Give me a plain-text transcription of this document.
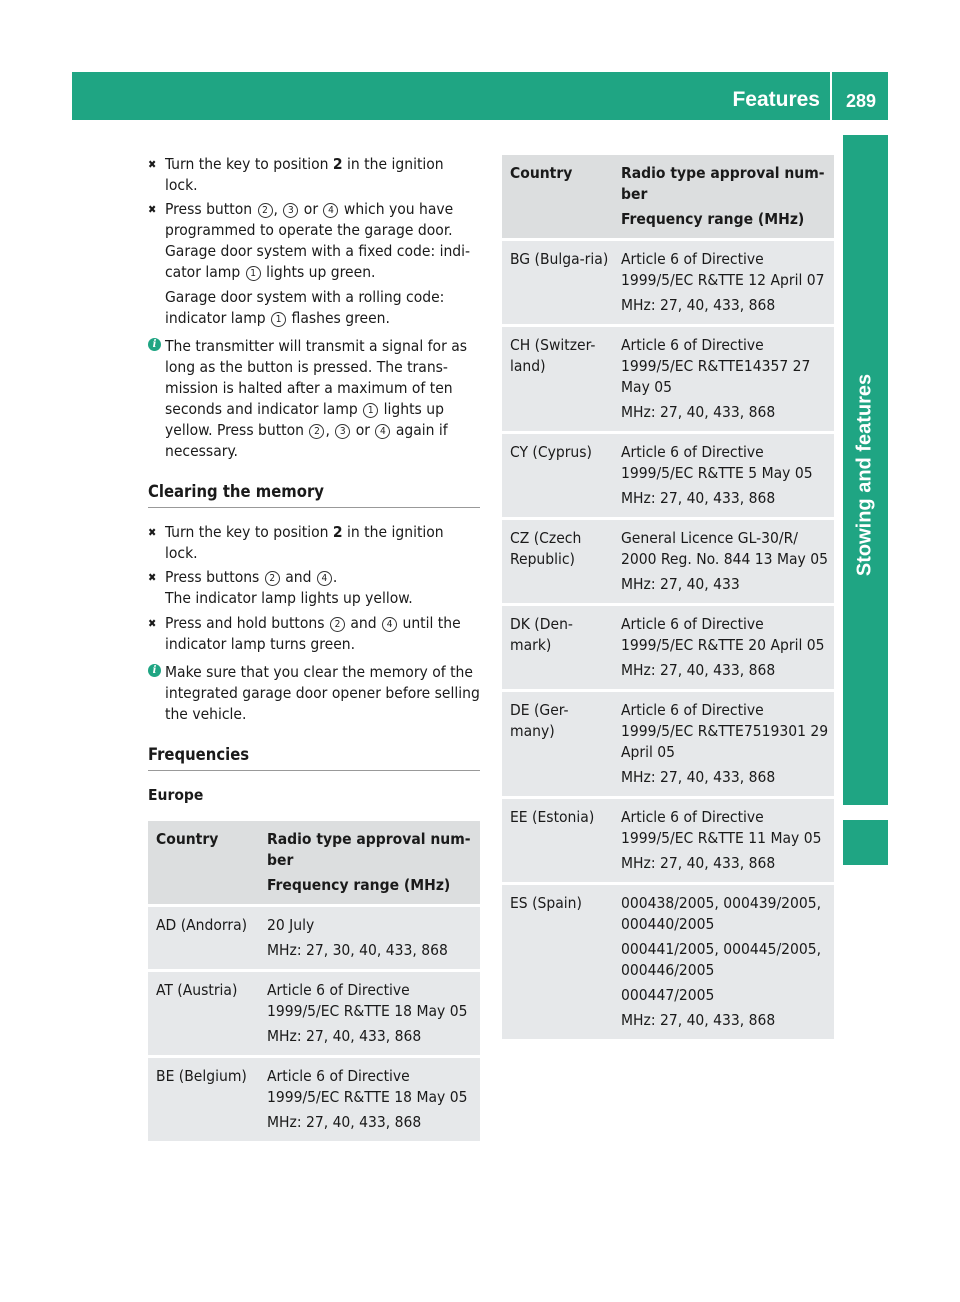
Features 289
Stowing and features
✖ Turn the key to position 2 in the ignition lock.
✖ Press button 2 , 3 or 4 which you have programmed to operate the garage door.
Garage door system with a fixed code: indi-cator lamp 1 lights up green.
Garage door system with a rolling code: indicator lamp 1 flashes green.
i The transmitter will transmit a signal for as long as the button is pressed. The trans-mission is halted after a maximum of ten seconds and indicator lamp 1 lights up yellow. Press button 2 , 3 or 4 again if necessary.
Clearing the memory
✖ Turn the key to position 2 in the ignition lock.
✖ Press buttons 2 and 4 .
The indicator lamp lights up yellow.
✖ Press and hold buttons 2 and 4 until the indicator lamp turns green.
i Make sure that you clear the memory of the integrated garage door opener before selling the vehicle.
Frequencies
Europe
Country	Radio type approval num-ber
Frequency range (MHz)

AD (Andorra)	20 July
MHz: 27, 30, 40, 433, 868

AT (Austria)	Article 6 of Directive 1999/5/EC R&TTE 18 May 05
MHz: 27, 40, 433, 868

BE (Belgium)	Article 6 of Directive 1999/5/EC R&TTE 18 May 05
MHz: 27, 40, 433, 868
Country	Radio type approval num-ber
Frequency range (MHz)

BG (Bulga-ria)	Article 6 of Directive 1999/5/EC R&TTE 12 April 07
MHz: 27, 40, 433, 868

CH (Switzer-land)	Article 6 of Directive 1999/5/EC R&TTE14357 27 May 05
MHz: 27, 40, 433, 868

CY (Cyprus)	Article 6 of Directive 1999/5/EC R&TTE 5 May 05
MHz: 27, 40, 433, 868

CZ (Czech Republic)	General Licence GL-30/R/ 2000 Reg. No. 844 13 May 05
MHz: 27, 40, 433

DK (Den-mark)	Article 6 of Directive 1999/5/EC R&TTE 20 April 05
MHz: 27, 40, 433, 868

DE (Ger-many)	Article 6 of Directive 1999/5/EC R&TTE7519301 29 April 05
MHz: 27, 40, 433, 868

EE (Estonia)	Article 6 of Directive 1999/5/EC R&TTE 11 May 05
MHz: 27, 40, 433, 868

ES (Spain)	000438/2005, 000439/2005, 000440/2005
000441/2005, 000445/2005, 000446/2005
000447/2005
MHz: 27, 40, 433, 868
